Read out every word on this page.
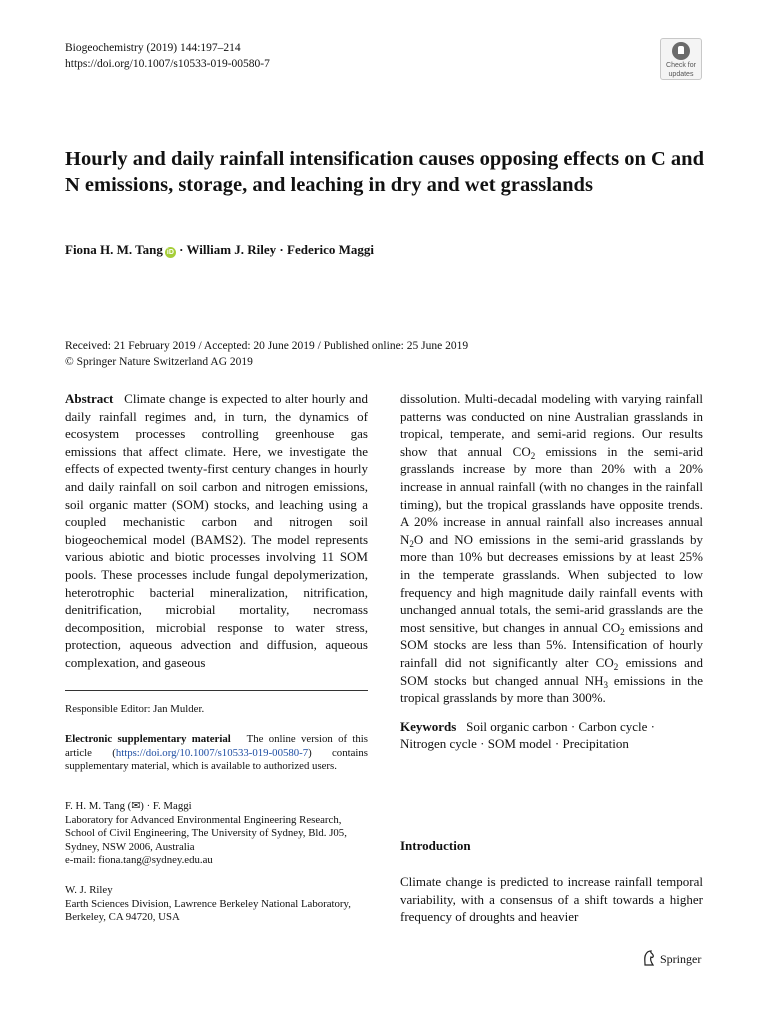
Biogeochemistry (2019) 144:197–214
https://doi.org/10.1007/s10533-019-00580-7	Check for
updates
Hourly and daily rainfall intensification causes opposing effects on C and N emissions, storage, and leaching in dry and wet grasslands
Fiona H. M. Tang iD · William J. Riley · Federico Maggi
Received: 21 February 2019 / Accepted: 20 June 2019 / Published online: 25 June 2019
© Springer Nature Switzerland AG 2019
Abstract Climate change is expected to alter hourly and daily rainfall regimes and, in turn, the dynamics of ecosystem processes controlling greenhouse gas emissions that affect climate. Here, we investigate the effects of expected twenty-first century changes in hourly and daily rainfall on soil carbon and nitrogen emissions, soil organic matter (SOM) stocks, and leaching using a coupled mechanistic carbon and nitrogen soil biogeochemical model (BAMS2). The model represents various abiotic and biotic processes involving 11 SOM pools. These processes include fungal depolymerization, heterotrophic bacterial mineralization, nitrification, denitrification, microbial mortality, necromass decomposition, microbial response to water stress, protection, aqueous advection and diffusion, aqueous complexation, and gaseous
dissolution. Multi-decadal modeling with varying rainfall patterns was conducted on nine Australian grasslands in tropical, temperate, and semi-arid regions. Our results show that annual $CO_2$ emissions in the semi-arid grasslands increase by more than 20% with a 20% increase in annual rainfall (with no changes in the rainfall timing), but the tropical grasslands have opposite trends. A 20% increase in annual rainfall also increases annual $N_2O$ and NO emissions in the semi-arid grasslands by more than 10% but decreases emissions by at least 25% in the temperate grasslands. When subjected to low frequency and high magnitude daily rainfall events with unchanged annual totals, the semi-arid grasslands are the most sensitive, but changes in annual $CO_2$ emissions and SOM stocks are less than 5%. Intensification of hourly rainfall did not significantly alter $CO_2$ emissions and SOM stocks but changed annual $NH_3$ emissions in the tropical grasslands by more than 300%.
Keywords Soil organic carbon · Carbon cycle · Nitrogen cycle · SOM model · Precipitation
Responsible Editor: Jan Mulder.
Electronic supplementary material The online version of this article (https://doi.org/10.1007/s10533-019-00580-7) contains supplementary material, which is available to authorized users.
F. H. M. Tang (✉) · F. Maggi
Laboratory for Advanced Environmental Engineering Research, School of Civil Engineering, The University of Sydney, Bld. J05, Sydney, NSW 2006, Australia
e-mail: fiona.tang@sydney.edu.au
W. J. Riley
Earth Sciences Division, Lawrence Berkeley National Laboratory, Berkeley, CA 94720, USA
Introduction
Climate change is predicted to increase rainfall temporal variability, with a consensus of a shift towards a higher frequency of droughts and heavier
Springer
